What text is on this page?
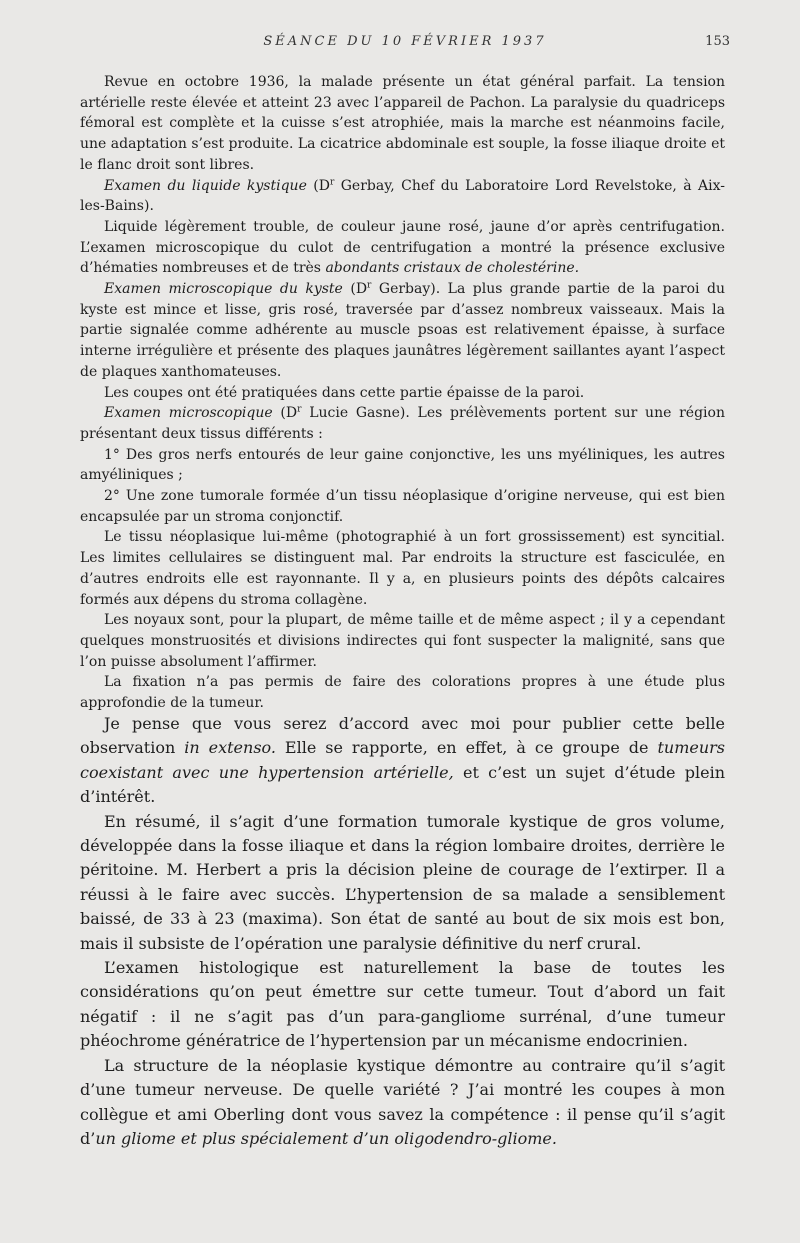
SÉANCE DU 10 FÉVRIER 1937	153

Revue en octobre 1936, la malade présente un état général parfait. La tension artérielle reste élevée et atteint 23 avec l’appareil de Pachon. La paralysie du quadriceps fémoral est complète et la cuisse s’est atrophiée, mais la marche est néanmoins facile, une adaptation s’est produite. La cicatrice abdominale est souple, la fosse iliaque droite et le flanc droit sont libres.

Examen du liquide kystique ($D^r$ Gerbay, Chef du Laboratoire Lord Revelstoke, à Aix-les-Bains).

Liquide légèrement trouble, de couleur jaune rosé, jaune d’or après centrifugation. L’examen microscopique du culot de centrifugation a montré la présence exclusive d’hématies nombreuses et de très abondants cristaux de cholestérine.

Examen microscopique du kyste ($D^r$ Gerbay). La plus grande partie de la paroi du kyste est mince et lisse, gris rosé, traversée par d’assez nombreux vaisseaux. Mais la partie signalée comme adhérente au muscle psoas est relativement épaisse, à surface interne irrégulière et présente des plaques jaunâtres légèrement saillantes ayant l’aspect de plaques xanthomateuses.

Les coupes ont été pratiquées dans cette partie épaisse de la paroi.

Examen microscopique ($D^r$ Lucie Gasne). Les prélèvements portent sur une région présentant deux tissus différents :

1° Des gros nerfs entourés de leur gaine conjonctive, les uns myéliniques, les autres amyéliniques ;

2° Une zone tumorale formée d’un tissu néoplasique d’origine nerveuse, qui est bien encapsulée par un stroma conjonctif.

Le tissu néoplasique lui-même (photographié à un fort grossissement) est syncitial. Les limites cellulaires se distinguent mal. Par endroits la structure est fasciculée, en d’autres endroits elle est rayonnante. Il y a, en plusieurs points des dépôts calcaires formés aux dépens du stroma collagène.

Les noyaux sont, pour la plupart, de même taille et de même aspect ; il y a cependant quelques monstruosités et divisions indirectes qui font suspecter la malignité, sans que l’on puisse absolument l’affirmer.

La fixation n’a pas permis de faire des colorations propres à une étude plus approfondie de la tumeur.

Je pense que vous serez d’accord avec moi pour publier cette belle observation in extenso. Elle se rapporte, en effet, à ce groupe de tumeurs coexistant avec une hypertension artérielle, et c’est un sujet d’étude plein d’intérêt.

En résumé, il s’agit d’une formation tumorale kystique de gros volume, développée dans la fosse iliaque et dans la région lombaire droites, derrière le péritoine. M. Herbert a pris la décision pleine de courage de l’extirper. Il a réussi à le faire avec succès. L’hypertension de sa malade a sensiblement baissé, de 33 à 23 (maxima). Son état de santé au bout de six mois est bon, mais il subsiste de l’opération une paralysie définitive du nerf crural.

L’examen histologique est naturellement la base de toutes les considérations qu’on peut émettre sur cette tumeur. Tout d’abord un fait négatif : il ne s’agit pas d’un para-gangliome surrénal, d’une tumeur phéochrome génératrice de l’hypertension par un mécanisme endocrinien.

La structure de la néoplasie kystique démontre au contraire qu’il s’agit d’une tumeur nerveuse. De quelle variété ? J’ai montré les coupes à mon collègue et ami Oberling dont vous savez la compétence : il pense qu’il s’agit d’un gliome et plus spécialement d’un oligodendro-gliome.
